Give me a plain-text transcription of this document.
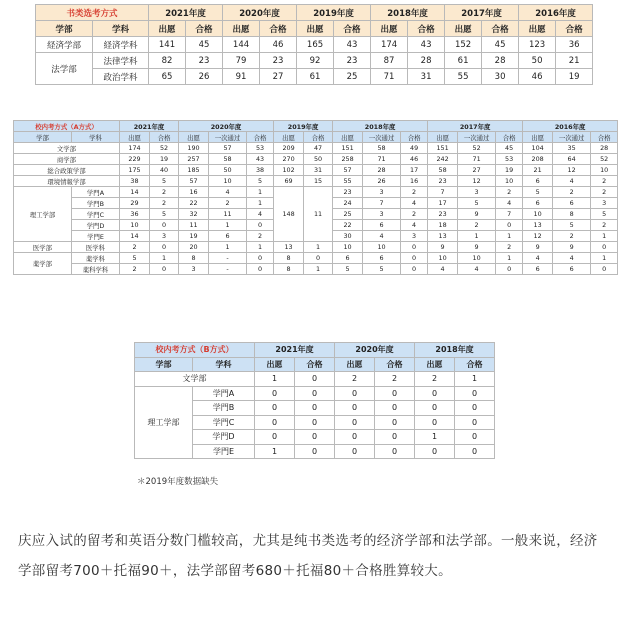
书类选考方式		2021年度		2020年度		2019年度		2018年度		2017年度		2016年度	
学部	学科	出愿	合格	出愿	合格	出愿	合格	出愿	合格	出愿	合格	出愿	合格
経済学部	経済学科	141	45	144	46	165	43	174	43	152	45	123	36
法学部	法律学科	82	23	79	23	92	23	87	28	61	28	50	21
	政治学科	65	26	91	27	61	25	71	31	55	30	46	19
校内考方式（A方式）		2021年度		2020年度			2019年度		2018年度			2017年度			2016年度		
学部	学科	出愿	合格	出愿	一次通过	合格	出愿	合格	出愿	一次通过	合格	出愿	一次通过	合格	出愿	一次通过	合格
文学部		174	52	190	57	53	209	47	151	58	49	151	52	45	104	35	28
商学部		229	19	257	58	43	270	50	258	71	46	242	71	53	208	64	52
総合政策学部		175	40	185	50	38	102	31	57	28	17	58	27	19	21	12	10
環境情報学部		38	5	57	10	5	69	15	55	26	16	23	12	10	6	4	2
理工学部	学門A	14	2	16	4	1	148	11	23	3	2	7	3	2	5	2	2
	学門B	29	2	22	2	1			24	7	4	17	5	4	6	6	3
	学門C	36	5	32	11	4			25	3	2	23	9	7	10	8	5
	学門D	10	0	11	1	0			22	6	4	18	2	0	13	5	2
	学門E	14	3	19	6	2			30	4	3	13	1	1	12	2	1
医学部	医学科	2	0	20	1	1	13	1	10	10	0	9	9	2	9	9	0
薬学部	薬学科	5	1	8	-	0	8	0	6	6	0	10	10	1	4	4	1
	薬科学科	2	0	3	-	0	8	1	5	5	0	4	4	0	6	6	0
校内考方式（B方式）		2021年度		2020年度		2018年度	
学部	学科	出愿	合格	出愿	合格	出愿	合格
文学部		1	0	2	2	2	1
理工学部	学門A	0	0	0	0	0	0
	学門B	0	0	0	0	0	0
	学門C	0	0	0	0	0	0
	学門D	0	0	0	0	1	0
	学門E	1	0	0	0	0	0
＊2019年度数据缺失
庆应入试的留考和英语分数门槛较高，尤其是纯书类选考的经济学部和法学部。一般来说，经济学部留考700＋托福90＋，法学部留考680＋托福80＋合格胜算较大。
